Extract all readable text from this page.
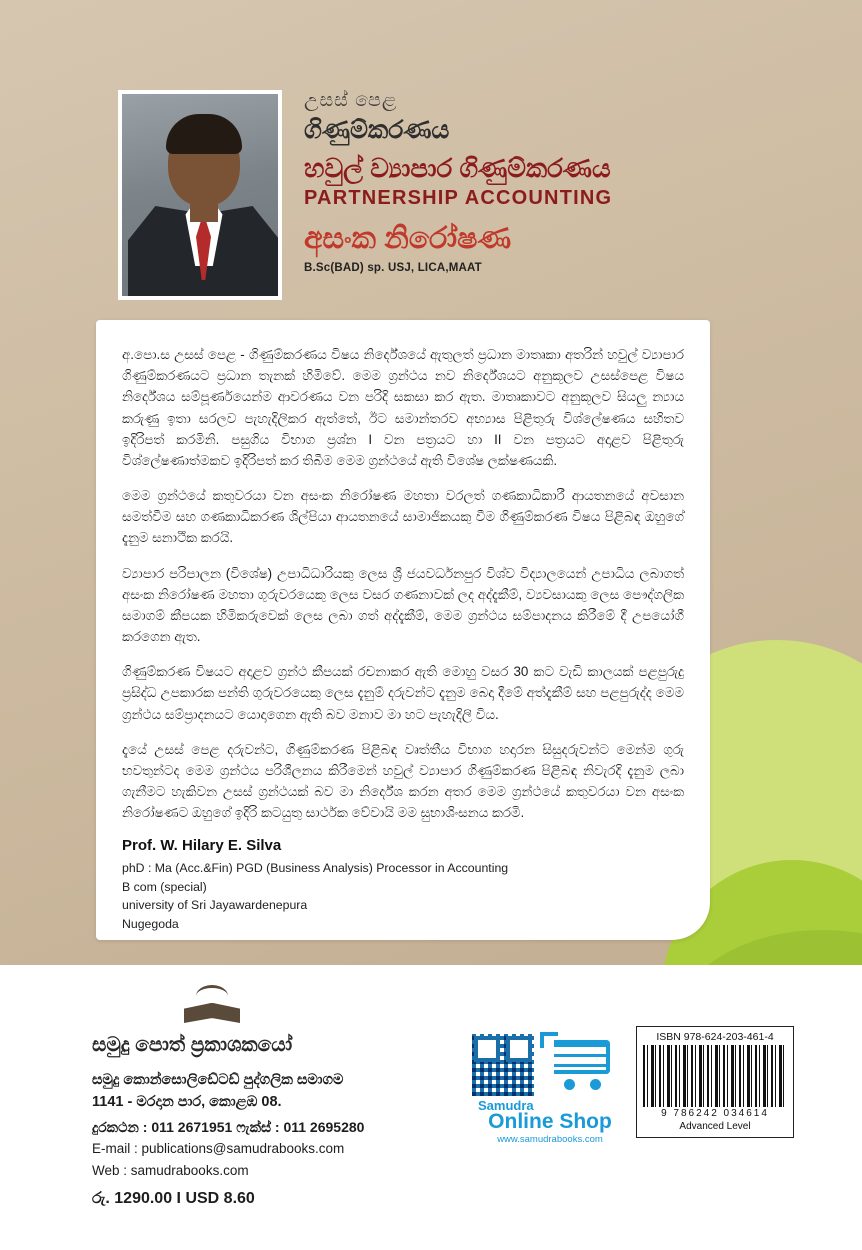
උසස් පෙළ
ගිණුම්කරණය
හවුල් ව්‍යාපාර ගිණුම්කරණය
PARTNERSHIP ACCOUNTING
අසංක නිරෝෂණ
B.Sc(BAD) sp. USJ, LICA,MAAT

අ.පො.ස උසස් පෙළ - ගිණුම්කරණය විෂය නිර්දේශයේ ඇතුලත් ප්‍රධාන මාතෘකා අතරින් හවුල් ව්‍යාපාර ගිණුම්කරණයට ප්‍රධාන තැනක් හිමිවේ. මෙම ග්‍රන්ථය නව නිර්දේශයට අනුකූලව උසස්පෙළ විෂය නිර්දේශය සම්පූර්ණයෙන්ම ආවරණය වන පරිදි සකසා කර ඇත. මාතෘකාවට අනුකූලව සියලු න්‍යාය කරුණු ඉතා සරලව පැහැදිලිකර ඇත්තේ, ඊට සමාන්තරව අභ්‍යාස පිළිතුරු විශ්ලේෂණය සහිතව ඉදිරිපත් කරමිනි. පසුගිය විභාග ප්‍රශ්න I වන පත්‍රයට හා II වන පත්‍රයට අදාළව පිළිතුරු විශ්ලේෂණාත්මකව ඉදිරිපත් කර තිබීම මෙම ග්‍රන්ථයේ ඇති විශේෂ ලක්ෂණයකි.

මෙම ග්‍රන්ථයේ කතුවරයා වන අසංක නිරෝෂණ මහතා වරලත් ගණකාධිකාරී ආයතනයේ අවසාන සමත්වීම සහ ගණකාධිකරණ ශිල්පියා ආයතනයේ සාමාජිකයකු වීම ගිණුම්කරණ විෂය පිළිබඳ ඔහුගේ දැනුම සනාථික කරයි.

ව්‍යාපාර පරිපාලන (විශේෂ) උපාධිධාරියකු ලෙස ශ්‍රී ජයවර්ධනපුර විශ්ව විද්‍යාලයෙන් උපාධිය ලබාගත් අසංක නිරෝෂණ මහතා ගුරුවරයෙකු ලෙස වසර ගණනාවක් ලද අද්දැකීම්, ව්‍යවසායකු ලෙස පෞද්ගලික සමාගම් කීපයක හිමිකරුවෙක් ලෙස ලබා ගත් අද්දැකීම්, මෙම ග්‍රන්ථය සම්පාදනය කිරීමේ දී උපයෝගී කරගෙන ඇත.

ගිණුම්කරණ විෂයට අදාළව ග්‍රන්ථ කීපයක් රචනාකර ඇති මොහු වසර 30 කට වැඩි කාලයක් පළපුරුදු ප්‍රසිද්ධ උපකාරක පන්ති ගුරුවරයෙකු ලෙස දැනුම් දරුවන්ට දැනුම බෙදා දීමේ අත්දැකීම් සහ පළපුරුද්ද මෙම ග්‍රන්ථය සම්ප්‍රාදනයට යොදාගෙන ඇති බව මනාව මා හට පැහැදිලි විය.

දැයේ උසස් පෙළ දරුවන්ට, ගිණුම්කරණ පිළිබඳ වෘත්තීය විභාග හදාරන සිසුදරුවන්ට මෙන්ම ගුරු භවතුන්ටද මෙම ග්‍රන්ථය පරිශීලනය කිරීමෙන් හවුල් ව්‍යාපාර ගිණුම්කරණ පිළිබඳ නිවැරදි දැනුම ලබා ගැනීමට හැකිවන උසස් ග්‍රන්ථයක් බව මා නිර්දේශ කරන අතර මෙම ග්‍රන්ථයේ කතුවරයා වන අසංක නිරෝෂණට ඔහුගේ ඉදිරි කටයුතු සාර්ථක වේවායි මම සුභාශිංසනය කරමි.

Prof. W. Hilary E. Silva
phD : Ma (Acc.&Fin) PGD (Business Analysis) Processor in Accounting
B com (special)
university of Sri Jayawardenepura
Nugegoda
සමුදු පොත් ප්‍රකාශකයෝ
සමුදු කොන්සොලිඩේටඩ් පුද්ගලික සමාගම
1141 - මරදාන පාර, කොළඹ 08.
දුරකථන : 011 2671951 ෆැක්ස් : 011 2695280
E-mail : publications@samudrabooks.com
Web : samudrabooks.com
රු. 1290.00 I USD 8.60
Samudra
Online Shop
www.samudrabooks.com
ISBN 978-624-203-461-4
9 786242 034614
Advanced Level
